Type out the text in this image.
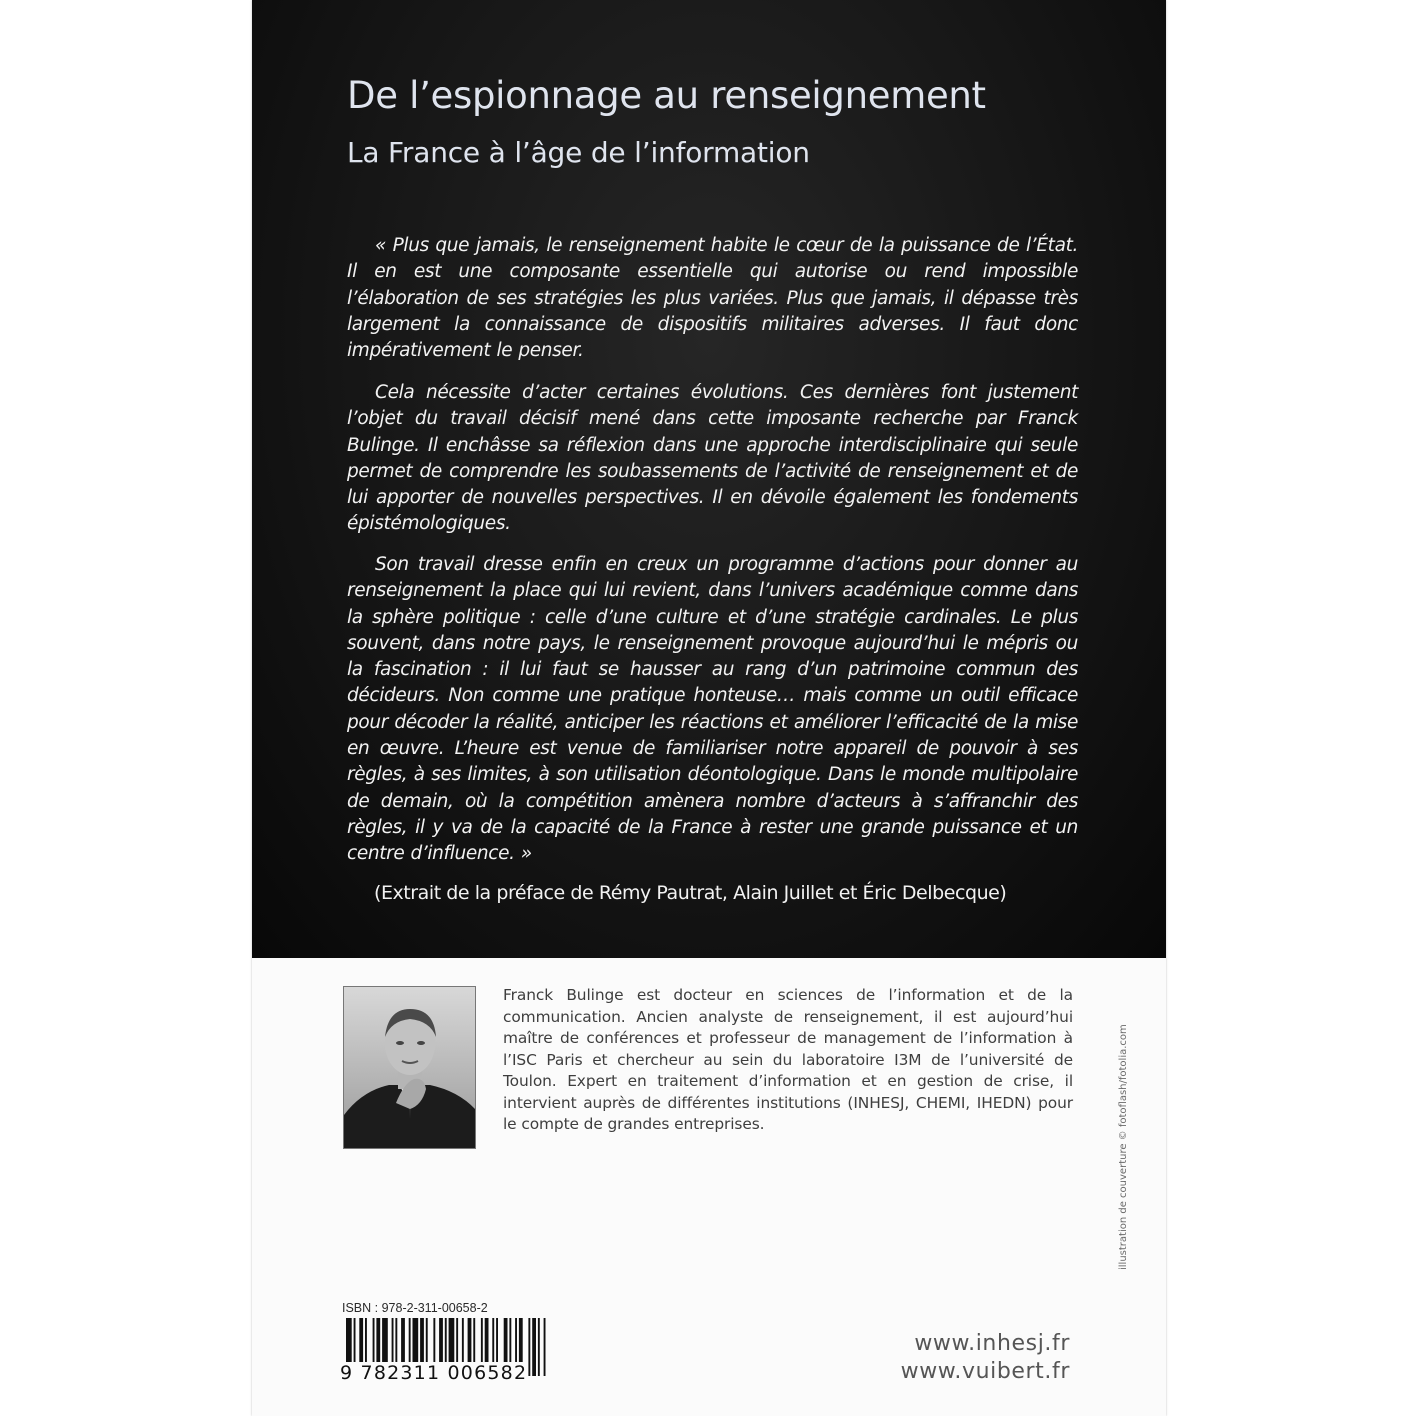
De l’espionnage au renseignement
La France à l’âge de l’information

« Plus que jamais, le renseignement habite le cœur de la puissance de l’État. Il en est une composante essentielle qui autorise ou rend impossible l’élaboration de ses stratégies les plus variées. Plus que jamais, il dépasse très largement la connaissance de dispositifs militaires adverses. Il faut donc impérativement le penser.

Cela nécessite d’acter certaines évolutions. Ces dernières font justement l’objet du travail décisif mené dans cette imposante recherche par Franck Bulinge. Il enchâsse sa réflexion dans une approche interdisciplinaire qui seule permet de comprendre les soubassements de l’activité de renseignement et de lui apporter de nouvelles perspectives. Il en dévoile également les fondements épistémologiques.

Son travail dresse enfin en creux un programme d’actions pour donner au renseignement la place qui lui revient, dans l’univers académique comme dans la sphère politique : celle d’une culture et d’une stratégie cardinales. Le plus souvent, dans notre pays, le renseignement provoque aujourd’hui le mépris ou la fascination : il lui faut se hausser au rang d’un patrimoine commun des décideurs. Non comme une pratique honteuse… mais comme un outil efficace pour décoder la réalité, anticiper les réactions et améliorer l’efficacité de la mise en œuvre. L’heure est venue de familiariser notre appareil de pouvoir à ses règles, à ses limites, à son utilisation déontologique. Dans le monde multipolaire de demain, où la compétition amènera nombre d’acteurs à s’affranchir des règles, il y va de la capacité de la France à rester une grande puissance et un centre d’influence. »

(Extrait de la préface de Rémy Pautrat, Alain Juillet et Éric Delbecque)

Franck Bulinge est docteur en sciences de l’information et de la communication. Ancien analyste de renseignement, il est aujourd’hui maître de conférences et professeur de management de l’information à l’ISC Paris et chercheur au sein du laboratoire I3M de l’université de Toulon. Expert en traitement d’information et en gestion de crise, il intervient auprès de différentes institutions (INHESJ, CHEMI, IHEDN) pour le compte de grandes entreprises.	illustration de couverture © fotoflash/fotolia.com

ISBN : 978-2-311-00658-2

9 782311 006582

www.inhesj.fr

www.vuibert.fr
